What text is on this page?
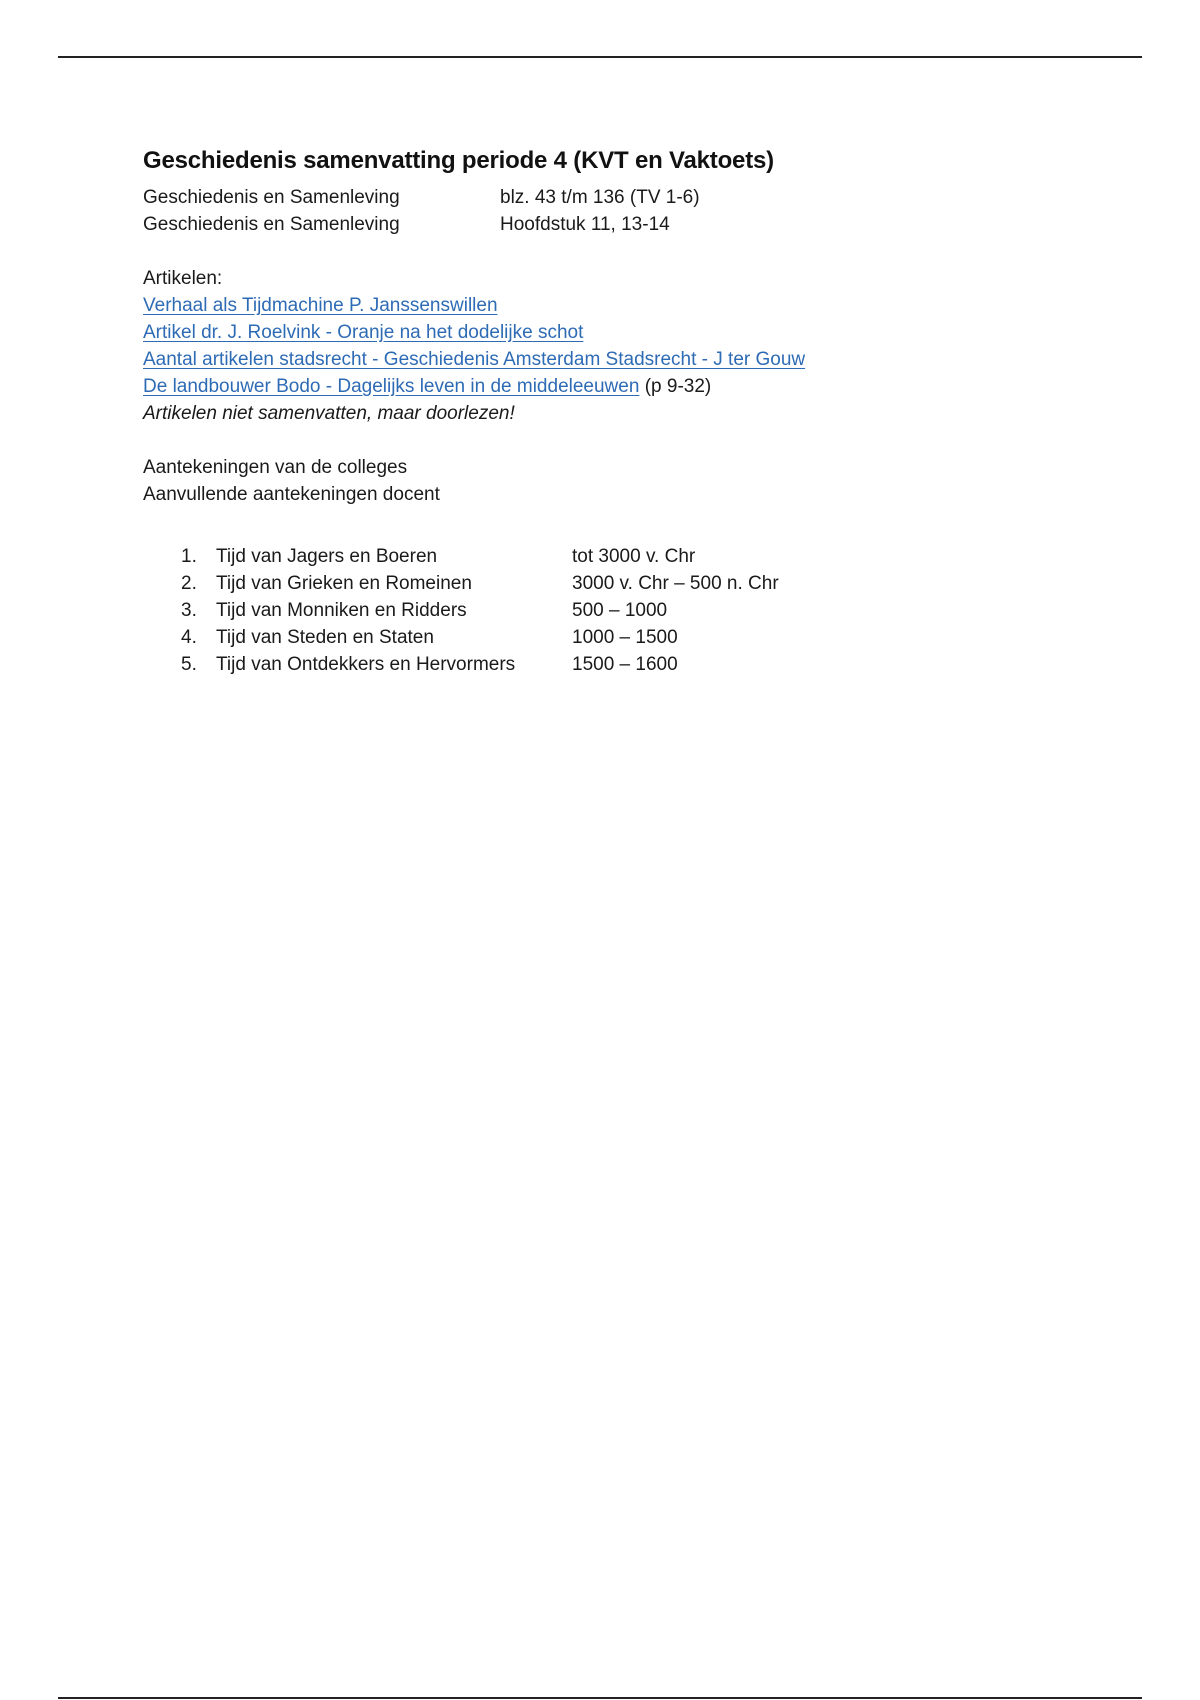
Geschiedenis samenvatting periode 4 (KVT en Vaktoets)
Geschiedenis en Samenleving	blz. 43 t/m 136 (TV 1-6)
Geschiedenis en Samenleving	Hoofdstuk 11, 13-14
Artikelen:
Verhaal als Tijdmachine P. Janssenswillen
Artikel dr. J. Roelvink - Oranje na het dodelijke schot
Aantal artikelen stadsrecht - Geschiedenis Amsterdam Stadsrecht - J ter Gouw
De landbouwer Bodo - Dagelijks leven in de middeleeuwen (p 9-32)
Artikelen niet samenvatten, maar doorlezen!
Aantekeningen van de colleges
Aanvullende aantekeningen docent
1.	Tijd van Jagers en Boeren	tot 3000 v. Chr
2.	Tijd van Grieken en Romeinen	3000 v. Chr – 500 n. Chr
3.	Tijd van Monniken en Ridders	500 – 1000
4.	Tijd van Steden en Staten	1000 – 1500
5.	Tijd van Ontdekkers en Hervormers	1500 – 1600
